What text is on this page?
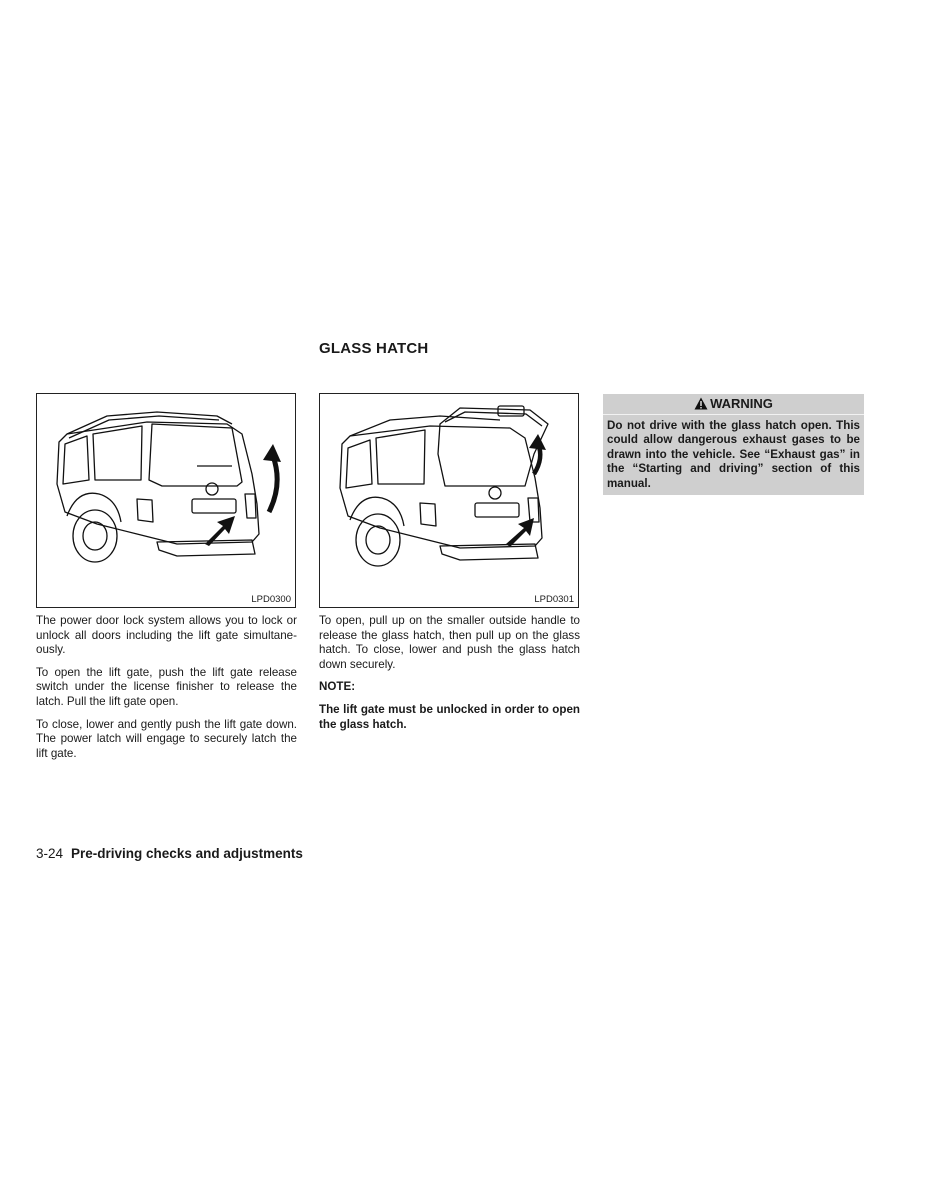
GLASS HATCH
LPD0300	LPD0301

The power door lock system allows you to lock or unlock all doors including the lift gate simultane-ously.

To open the lift gate, push the lift gate release switch under the license finisher to release the latch. Pull the lift gate open.

To close, lower and gently push the lift gate down. The power latch will engage to securely latch the lift gate.

To open, pull up on the smaller outside handle to release the glass hatch, then pull up on the glass hatch. To close, lower and push the glass hatch down securely.

NOTE:
The lift gate must be unlocked in order to open the glass hatch.
WARNING
Do not drive with the glass hatch open. This could allow dangerous exhaust gases to be drawn into the vehicle. See “Exhaust gas” in the “Starting and driving” section of this manual.
3-24 Pre-driving checks and adjustments
